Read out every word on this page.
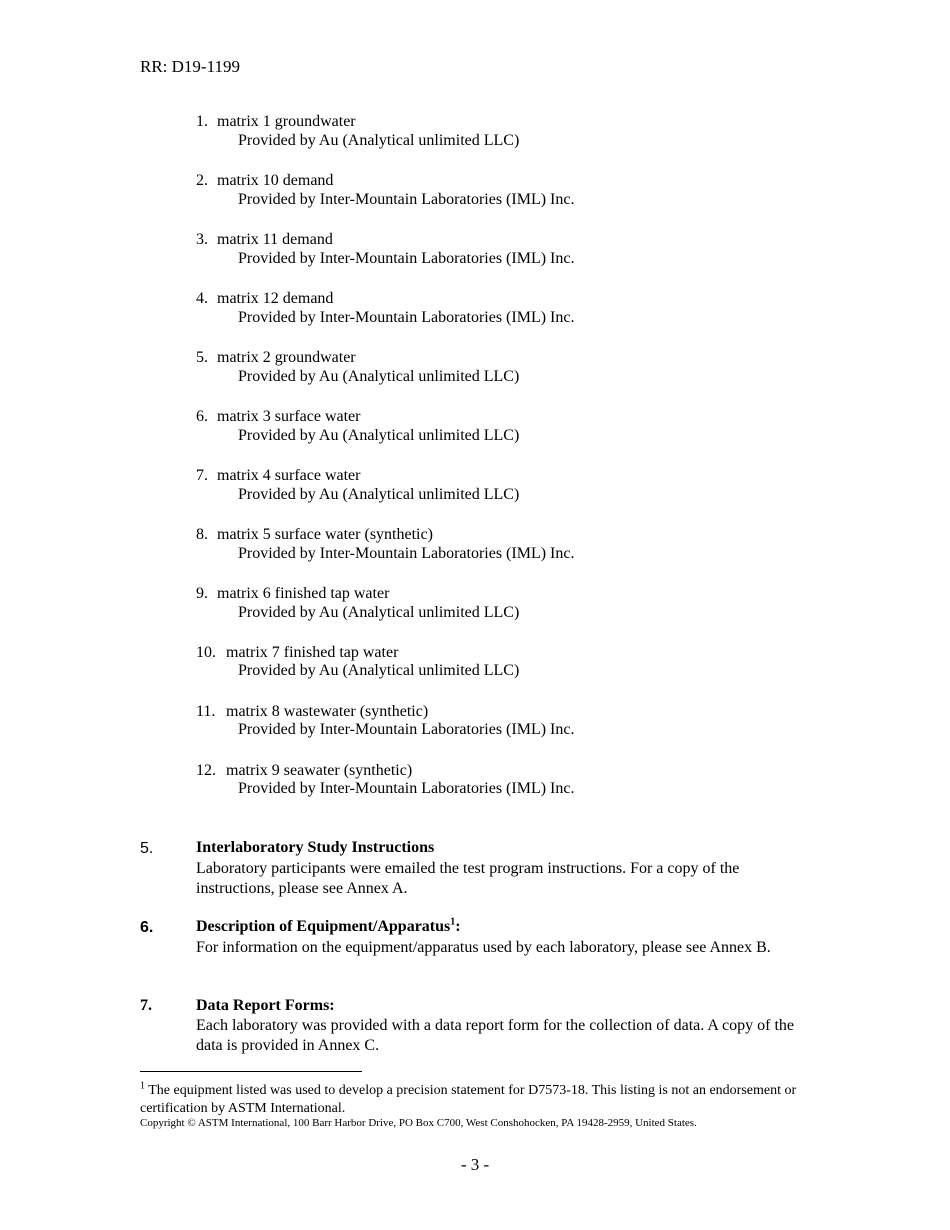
RR: D19-1199
1. matrix 1 groundwater
Provided by Au (Analytical unlimited LLC)
2. matrix 10 demand
Provided by Inter-Mountain Laboratories (IML) Inc.
3. matrix 11 demand
Provided by Inter-Mountain Laboratories (IML) Inc.
4. matrix 12 demand
Provided by Inter-Mountain Laboratories (IML) Inc.
5. matrix 2 groundwater
Provided by Au (Analytical unlimited LLC)
6. matrix 3 surface water
Provided by Au (Analytical unlimited LLC)
7. matrix 4 surface water
Provided by Au (Analytical unlimited LLC)
8. matrix 5 surface water (synthetic)
Provided by Inter-Mountain Laboratories (IML) Inc.
9. matrix 6 finished tap water
Provided by Au (Analytical unlimited LLC)
10. matrix 7 finished tap water
Provided by Au (Analytical unlimited LLC)
11. matrix 8 wastewater (synthetic)
Provided by Inter-Mountain Laboratories (IML) Inc.
12. matrix 9 seawater (synthetic)
Provided by Inter-Mountain Laboratories (IML) Inc.
5.	Interlaboratory Study Instructions
Laboratory participants were emailed the test program instructions. For a copy of the instructions, please see Annex A.
6.	Description of Equipment/Apparatus$^1$:
For information on the equipment/apparatus used by each laboratory, please see Annex B.
7.	Data Report Forms:
Each laboratory was provided with a data report form for the collection of data. A copy of the data is provided in Annex C.
$^1$ The equipment listed was used to develop a precision statement for D7573-18. This listing is not an endorsement or certification by ASTM International.
Copyright © ASTM International, 100 Barr Harbor Drive, PO Box C700, West Conshohocken, PA 19428-2959, United States.
- 3 -
